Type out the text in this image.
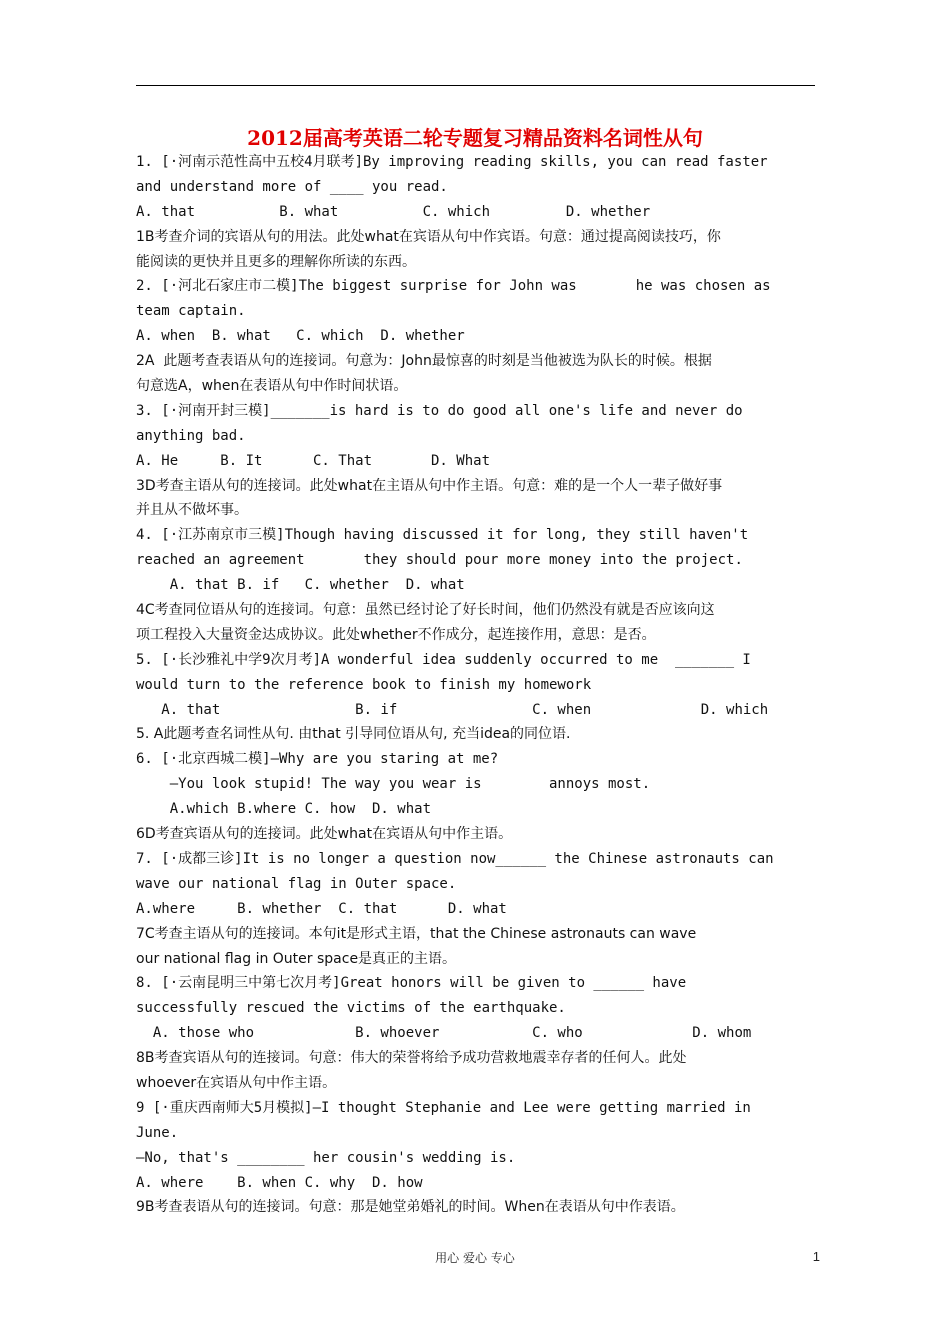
2012届高考英语二轮专题复习精品资料名词性从句
1. [·河南示范性高中五校4月联考]By improving reading skills, you can read faster
and understand more of ____ you read.
A. that          B. what          C. which         D. whether
1B考查介词的宾语从句的用法。此处what在宾语从句中作宾语。句意：通过提高阅读技巧，你
能阅读的更快并且更多的理解你所读的东西。
2. [·河北石家庄市二模]The biggest surprise for John was       he was chosen as
team captain.
A. when  B. what   C. which  D. whether
2A  此题考查表语从句的连接词。句意为：John最惊喜的时刻是当他被选为队长的时候。根据
句意选A，when在表语从句中作时间状语。
3. [·河南开封三模]_______is hard is to do good all one's life and never do
anything bad.
A. He     B. It      C. That       D. What
3D考查主语从句的连接词。此处what在主语从句中作主语。句意：难的是一个人一辈子做好事
并且从不做坏事。
4. [·江苏南京市三模]Though having discussed it for long, they still haven't
reached an agreement       they should pour more money into the project.
A. that B. if   C. whether  D. what
4C考查同位语从句的连接词。句意：虽然已经讨论了好长时间，他们仍然没有就是否应该向这
项工程投入大量资金达成协议。此处whether不作成分，起连接作用，意思：是否。
5. [·长沙雅礼中学9次月考]A wonderful idea suddenly occurred to me  _______ I
would turn to the reference book to finish my homework
A. that                B. if                C. when             D. which
5. A此题考查名词性从句. 由that 引导同位语从句, 充当idea的同位语.
6. [·北京西城二模]—Why are you staring at me?
—You look stupid! The way you wear is        annoys most.
A.which B.where C. how  D. what
6D考查宾语从句的连接词。此处what在宾语从句中作主语。
7. [·成都三诊]It is no longer a question now______ the Chinese astronauts can
wave our national flag in Outer space.
A.where     B. whether  C. that      D. what
7C考查主语从句的连接词。本句it是形式主语，that the Chinese astronauts can wave
our national flag in Outer space是真正的主语。
8. [·云南昆明三中第七次月考]Great honors will be given to ______ have
successfully rescued the victims of the earthquake.
A. those who            B. whoever           C. who             D. whom
8B考查宾语从句的连接词。句意：伟大的荣誉将给予成功营救地震幸存者的任何人。此处
whoever在宾语从句中作主语。
9 [·重庆西南师大5月模拟]—I thought Stephanie and Lee were getting married in
June.
—No, that's ________ her cousin's wedding is.
A. where    B. when C. why  D. how
9B考查表语从句的连接词。句意：那是她堂弟婚礼的时间。When在表语从句中作表语。
用心 爱心 专心	1
